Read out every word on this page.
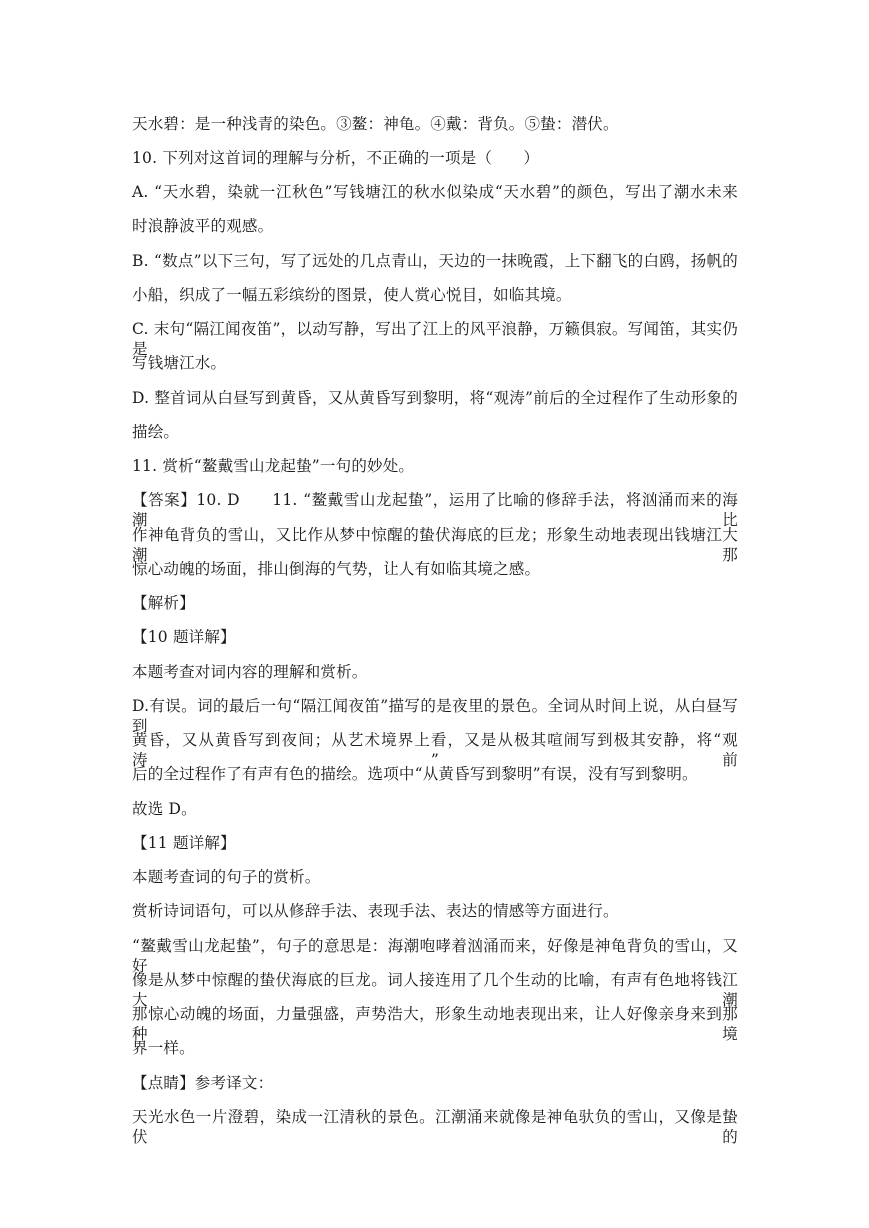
天水碧：是一种浅青的染色。③鳌：神龟。④戴：背负。⑤蛰：潜伏。
10. 下列对这首词的理解与分析，不正确的一项是（　　）
A. “天水碧，染就一江秋色”写钱塘江的秋水似染成“天水碧”的颜色，写出了潮水未来
时浪静波平的观感。
B. “数点”以下三句，写了远处的几点青山，天边的一抹晚霞，上下翻飞的白鸥，扬帆的
小船，织成了一幅五彩缤纷的图景，使人赏心悦目，如临其境。
C. 末句“隔江闻夜笛”，以动写静，写出了江上的风平浪静，万籁俱寂。写闻笛，其实仍是
写钱塘江水。
D. 整首词从白昼写到黄昏，又从黄昏写到黎明，将“观涛”前后的全过程作了生动形象的
描绘。
11. 赏析“鳌戴雪山龙起蛰”一句的妙处。
【答案】10. D　　11. “鳌戴雪山龙起蛰”，运用了比喻的修辞手法，将汹涌而来的海潮比
作神龟背负的雪山，又比作从梦中惊醒的蛰伏海底的巨龙；形象生动地表现出钱塘江大潮那
惊心动魄的场面，排山倒海的气势，让人有如临其境之感。
【解析】
【10 题详解】
本题考查对词内容的理解和赏析。
D.有误。词的最后一句“隔江闻夜笛”描写的是夜里的景色。全词从时间上说，从白昼写到
黄昏，又从黄昏写到夜间；从艺术境界上看，又是从极其喧闹写到极其安静，将“观涛”前
后的全过程作了有声有色的描绘。选项中“从黄昏写到黎明”有误，没有写到黎明。
故选 D。
【11 题详解】
本题考查词的句子的赏析。
赏析诗词语句，可以从修辞手法、表现手法、表达的情感等方面进行。
“鳌戴雪山龙起蛰”，句子的意思是：海潮咆哮着汹涌而来，好像是神龟背负的雪山，又好
像是从梦中惊醒的蛰伏海底的巨龙。词人接连用了几个生动的比喻，有声有色地将钱江大潮
那惊心动魄的场面，力量强盛，声势浩大，形象生动地表现出来，让人好像亲身来到那种境
界一样。
【点睛】参考译文：
天光水色一片澄碧，染成一江清秋的景色。江潮涌来就像是神龟驮负的雪山，又像是蛰伏的
